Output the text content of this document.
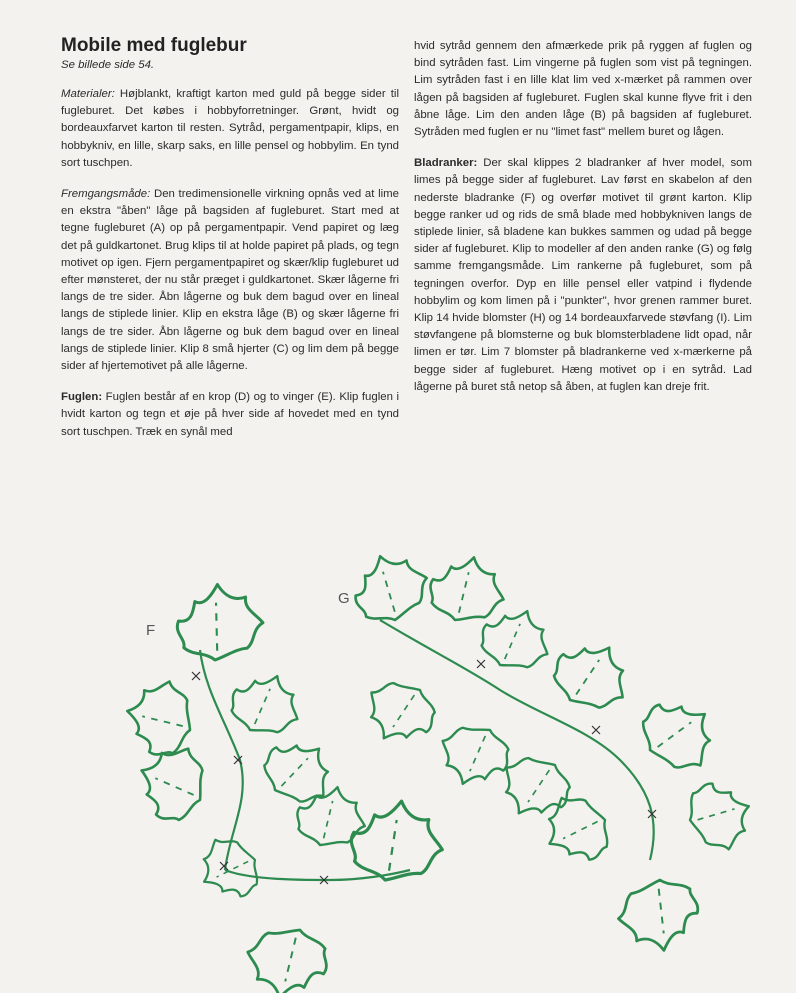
Mobile med fuglebur
Se billede side 54.

Materialer: Højblankt, kraftigt karton med guld på begge sider til fugleburet. Det købes i hobbyforretninger. Grønt, hvidt og bordeauxfarvet karton til resten. Sytråd, pergamentpapir, klips, en hobbykniv, en lille, skarp saks, en lille pensel og hobbylim. En tynd sort tuschpen.

Fremgangsmåde: Den tredimensionelle virkning opnås ved at lime en ekstra "åben" låge på bagsiden af fugleburet. Start med at tegne fugleburet (A) op på pergamentpapir. Vend papiret og læg det på guldkartonet. Brug klips til at holde papiret på plads, og tegn motivet op igen. Fjern pergamentpapiret og skær/klip fugleburet ud efter mønsteret, der nu står præget i guldkartonet. Skær lågerne fri langs de tre sider. Åbn lågerne og buk dem bagud over en lineal langs de stiplede linier. Klip en ekstra låge (B) og skær lågerne fri langs de tre sider. Åbn lågerne og buk dem bagud over en lineal langs de stiplede linier. Klip 8 små hjerter (C) og lim dem på begge sider af hjertemotivet på alle lågerne.

Fuglen: Fuglen består af en krop (D) og to vinger (E). Klip fuglen i hvidt karton og tegn et øje på hver side af hovedet med en tynd sort tuschpen. Træk en synål med

hvid sytråd gennem den afmærkede prik på ryggen af fuglen og bind sytråden fast. Lim vingerne på fuglen som vist på tegningen. Lim sytråden fast i en lille klat lim ved x-mærket på rammen over lågen på bagsiden af fugleburet. Fuglen skal kunne flyve frit i den åbne låge. Lim den anden låge (B) på bagsiden af fugleburet. Sytråden med fuglen er nu "limet fast" mellem buret og lågen.

Bladranker: Der skal klippes 2 bladranker af hver model, som limes på begge sider af fugleburet. Lav først en skabelon af den nederste bladranke (F) og overfør motivet til grønt karton. Klip begge ranker ud og rids de små blade med hobbykniven langs de stiplede linier, så bladene kan bukkes sammen og udad på begge sider af fugleburet. Klip to modeller af den anden ranke (G) og følg samme fremgangsmåde. Lim rankerne på fugleburet, som på tegningen overfor. Dyp en lille pensel eller vatpind i flydende hobbylim og kom limen på i "punkter", hvor grenen rammer buret. Klip 14 hvide blomster (H) og 14 bordeauxfarvede støvfang (I). Lim støvfangene på blomsterne og buk blomsterbladene lidt opad, når limen er tør. Lim 7 blomster på bladrankerne ved x-mærkerne på begge sider af fugleburet. Hæng motivet op i en sytråd. Lad lågerne på buret stå netop så åben, at fuglen kan dreje frit.

F
G
